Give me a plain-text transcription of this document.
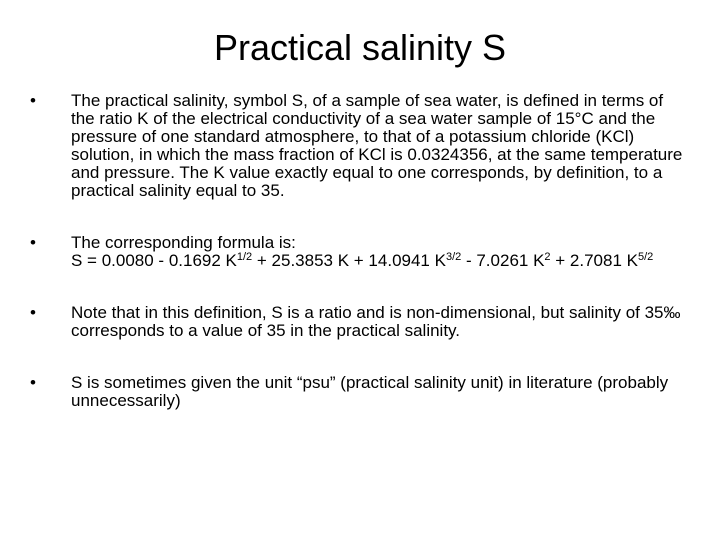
Practical salinity S
• The practical salinity, symbol S, of a sample of sea water, is defined in terms of the ratio K of the electrical conductivity of a sea water sample of 15°C and the pressure of one standard atmosphere, to that of a potassium chloride (KCl) solution, in which the mass fraction of KCl is 0.0324356, at the same temperature and pressure. The K value exactly equal to one corresponds, by definition, to a practical salinity equal to 35.
• The corresponding formula is:
S = 0.0080 - 0.1692 $K^{1/2} + 25.3853$ K + 14.0941 $K^{3/2} - 7.0261$ $K^2 + 2.7081$ $K^{5/2}$
• Note that in this definition, S is a ratio and is non-dimensional, but salinity of 35‰ corresponds to a value of 35 in the practical salinity.
• S is sometimes given the unit “psu” (practical salinity unit) in literature (probably unnecessarily)
